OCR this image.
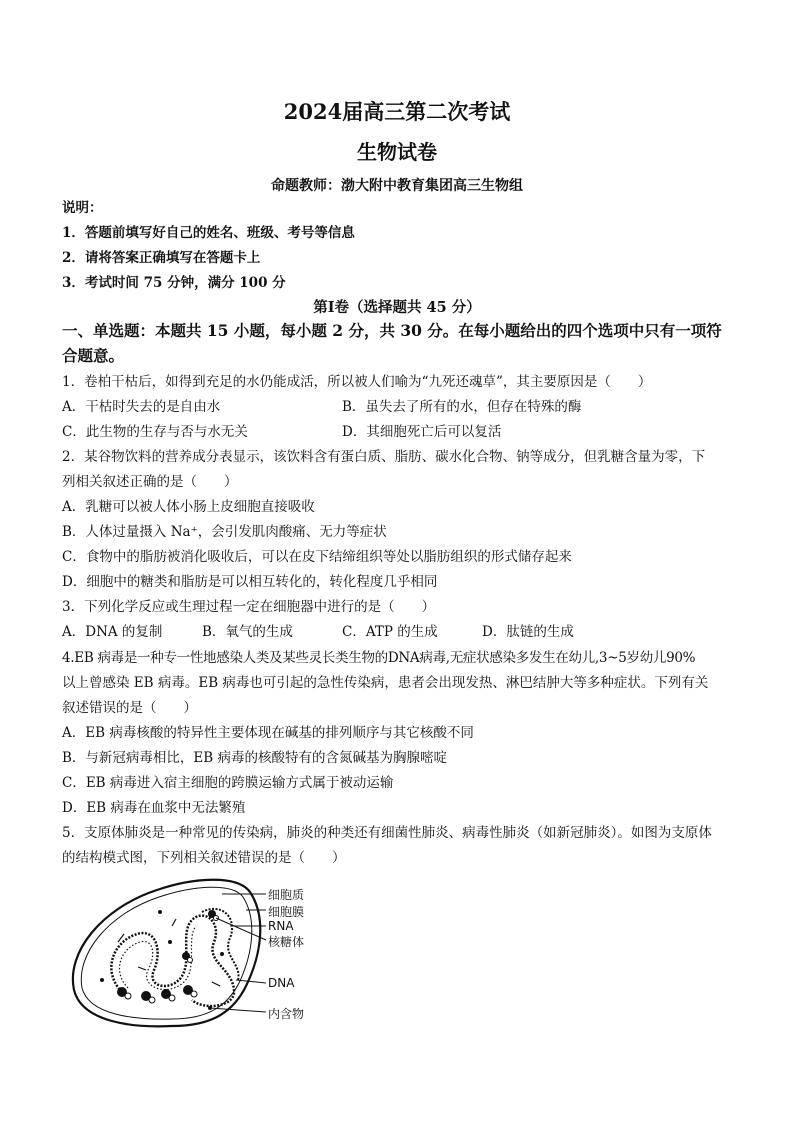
2024届高三第二次考试
生物试卷
命题教师：渤大附中教育集团高三生物组
说明：
1．答题前填写好自己的姓名、班级、考号等信息
2．请将答案正确填写在答题卡上
3．考试时间 75 分钟，满分 100 分
第Ⅰ卷（选择题共 45 分）
一、单选题：本题共 15 小题，每小题 2 分，共 30 分。在每小题给出的四个选项中只有一项符
合题意。
1．卷柏干枯后，如得到充足的水仍能成活，所以被人们喻为“九死还魂草”，其主要原因是（　　）
A．干枯时失去的是自由水	B．虽失去了所有的水，但存在特殊的酶
C．此生物的生存与否与水无关	D．其细胞死亡后可以复活
2．某谷物饮料的营养成分表显示，该饮料含有蛋白质、脂肪、碳水化合物、钠等成分，但乳糖含量为零，下
列相关叙述正确的是（　　）
A．乳糖可以被人体小肠上皮细胞直接吸收
B．人体过量摄入 Na⁺，会引发肌肉酸痛、无力等症状
C．食物中的脂肪被消化吸收后，可以在皮下结缔组织等处以脂肪组织的形式储存起来
D．细胞中的糖类和脂肪是可以相互转化的，转化程度几乎相同
3．下列化学反应或生理过程一定在细胞器中进行的是（　　）
A．DNA 的复制	B．氧气的生成	C．ATP 的生成	D．肽链的生成
4.EB 病毒是一种专一性地感染人类及某些灵长类生物的DNA病毒,无症状感染多发生在幼儿,3~5岁幼儿90%
以上曾感染 EB 病毒。EB 病毒也可引起的急性传染病，患者会出现发热、淋巴结肿大等多种症状。下列有关
叙述错误的是（　　）
A．EB 病毒核酸的特异性主要体现在碱基的排列顺序与其它核酸不同
B．与新冠病毒相比，EB 病毒的核酸特有的含氮碱基为胸腺嘧啶
C．EB 病毒进入宿主细胞的跨膜运输方式属于被动运输
D．EB 病毒在血浆中无法繁殖
5．支原体肺炎是一种常见的传染病，肺炎的种类还有细菌性肺炎、病毒性肺炎（如新冠肺炎）。如图为支原体
的结构模式图，下列相关叙述错误的是（　　）
细胞质
细胞膜
RNA
核糖体
DNA
内含物
